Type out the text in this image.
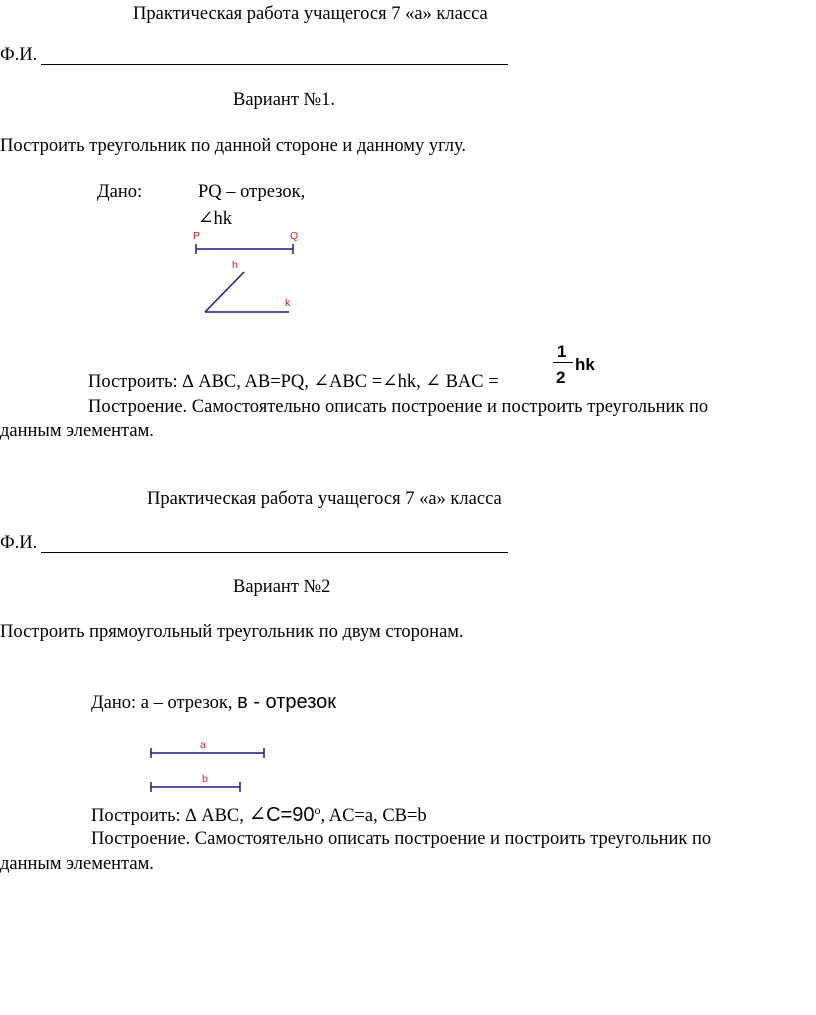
Практическая работа учащегося 7 «а» класса
Ф.И.
Вариант №1.
Построить треугольник по данной стороне и данному углу.
Дано:	PQ – отрезок,
∠hk
P	Q
h
k
a
b
Построить: ∆ ABC, AB=PQ, ∠ABC =∠hk, ∠ BAC =
1
2
hk
Построение. Самостоятельно описать построение и построить треугольник по
данным элементам.
Практическая работа учащегося 7 «а» класса
Ф.И.
Вариант №2
Построить прямоугольный треугольник по двум сторонам.
Дано: а – отрезок, в - отрезок
Построить: ∆ ABC, $\angle C=90^o$, AC=a, CB=b
Построение. Самостоятельно описать построение и построить треугольник по
данным элементам.
